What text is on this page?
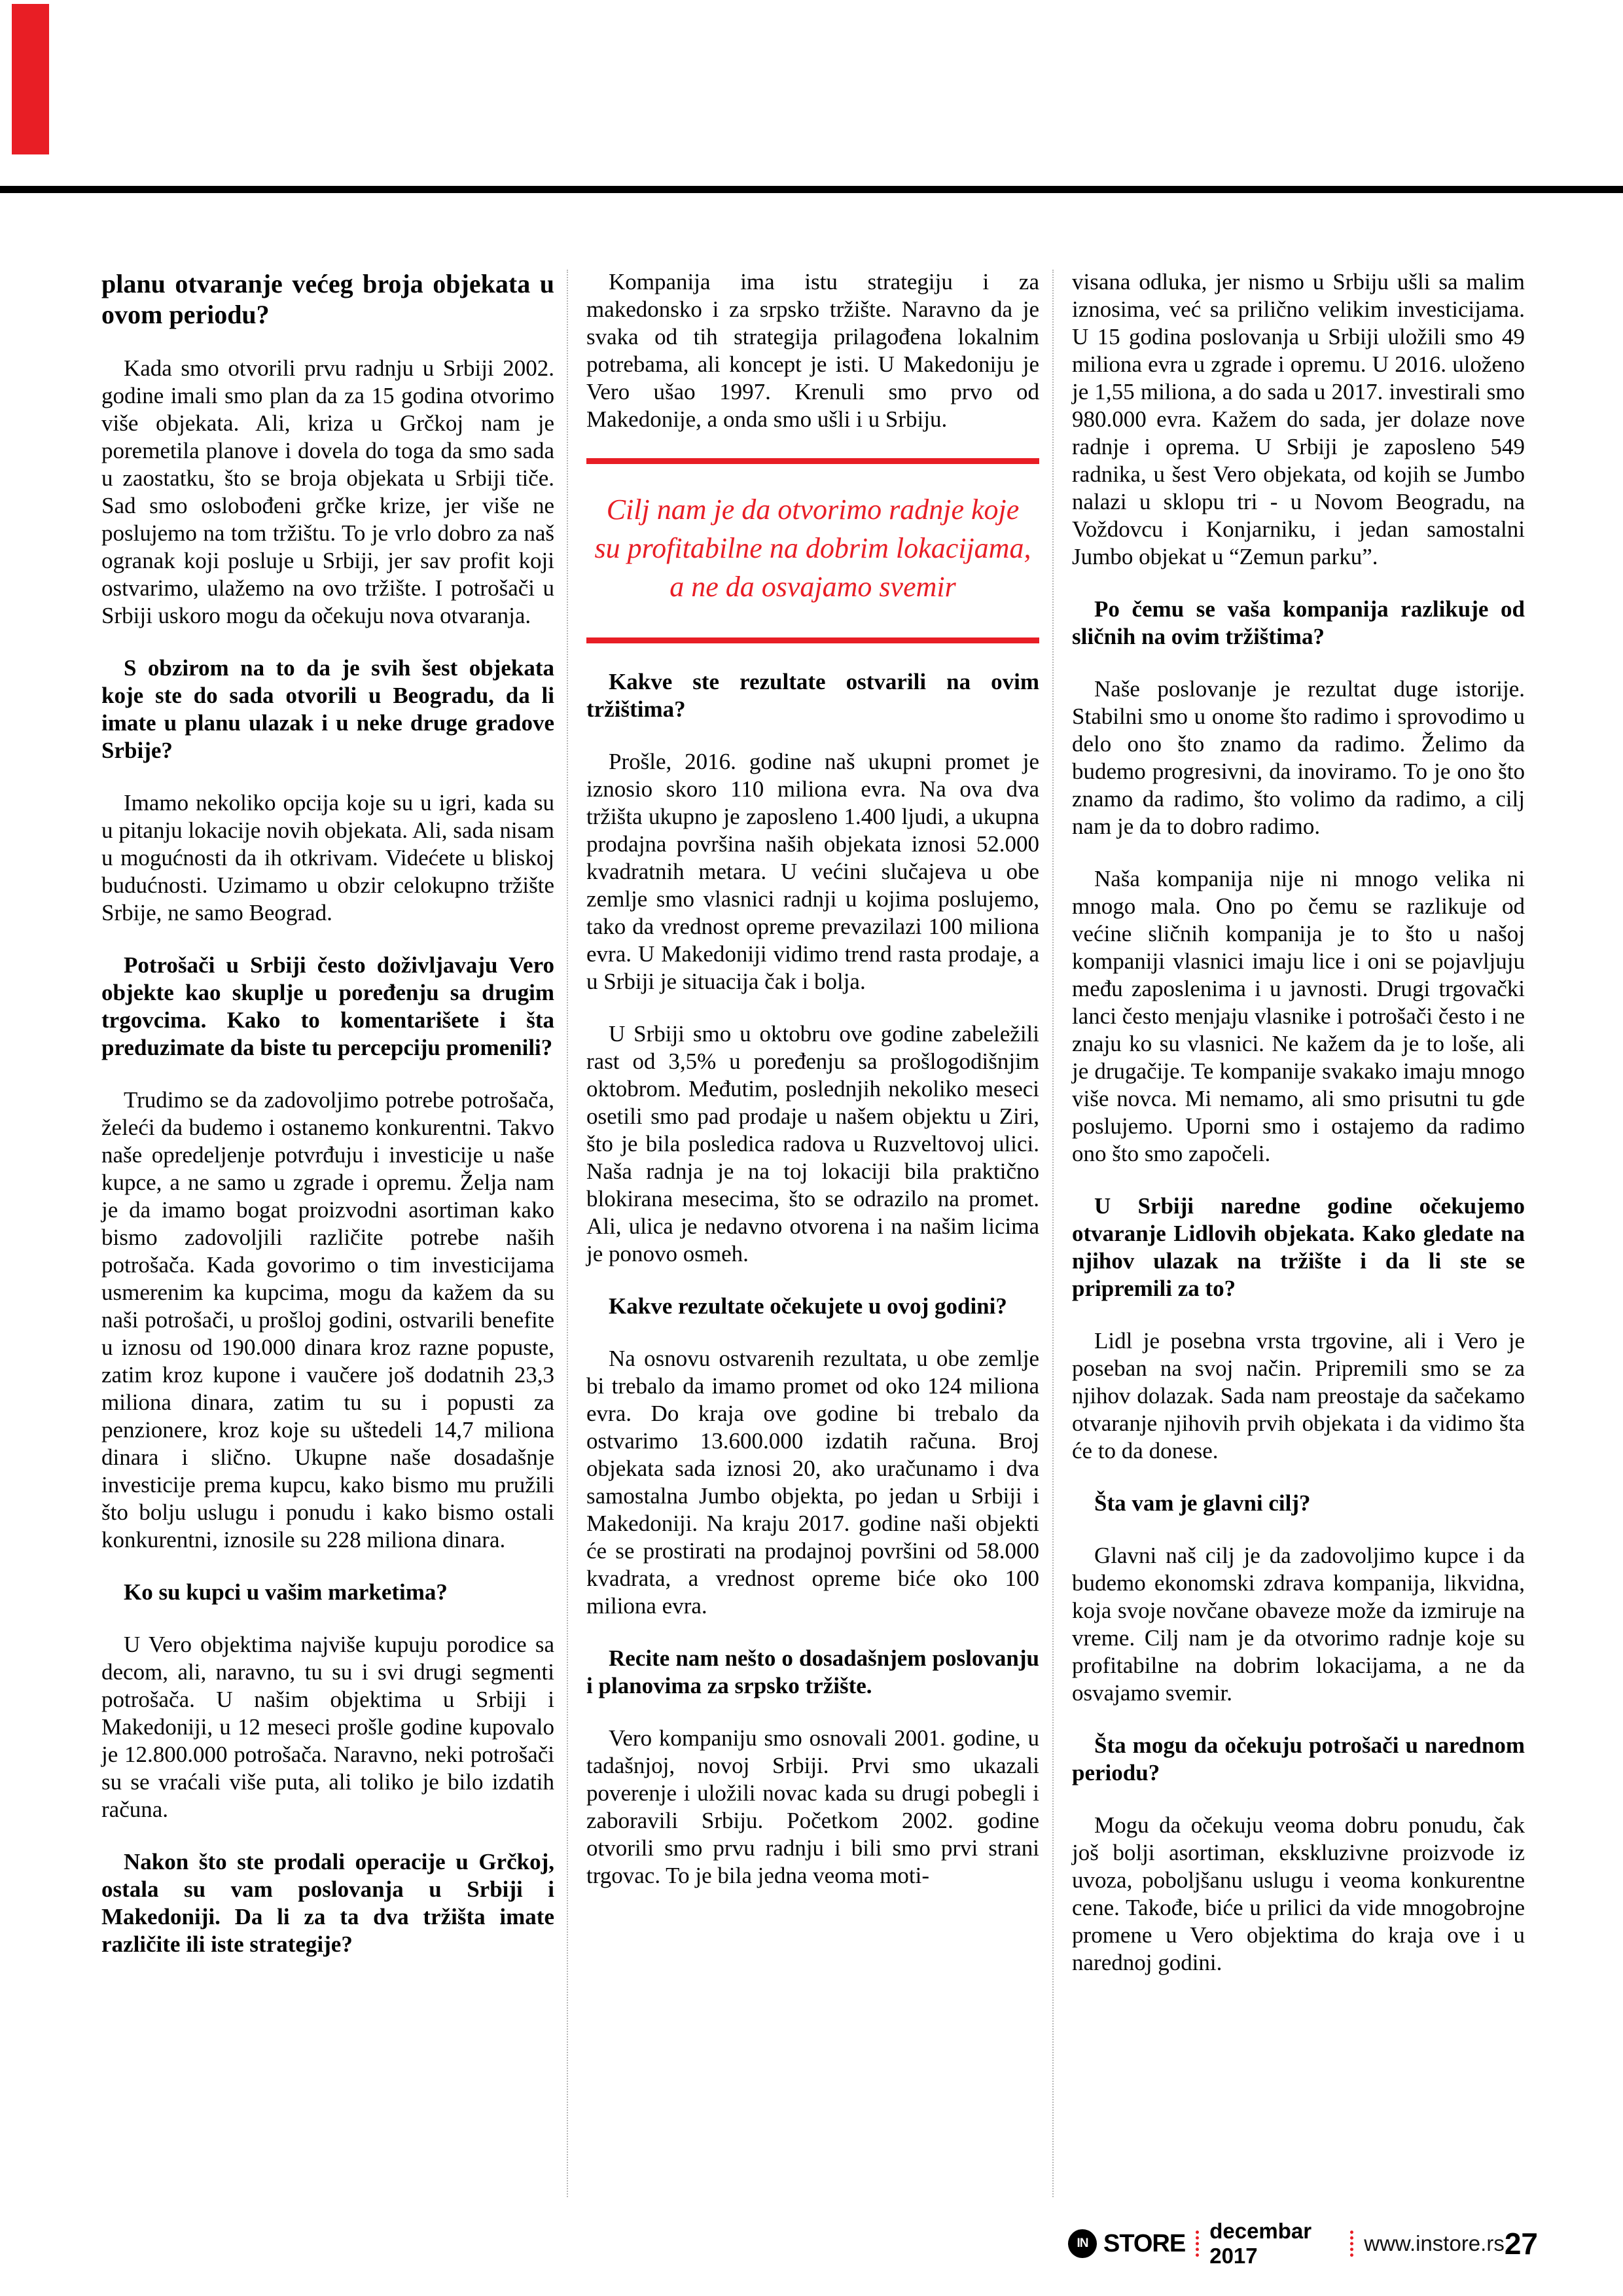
planu otvaranje većeg broja objekata u ovom periodu?

Kada smo otvorili prvu radnju u Srbiji 2002. godine imali smo plan da za 15 godina otvorimo više objekata. Ali, kriza u Grčkoj nam je poremetila planove i dovela do toga da smo sada u zaostatku, što se broja objekata u Srbiji tiče. Sad smo oslobođeni grčke krize, jer više ne poslujemo na tom tržištu. To je vrlo dobro za naš ogranak koji posluje u Srbiji, jer sav profit koji ostvarimo, ulažemo na ovo tržište. I potrošači u Srbiji uskoro mogu da očekuju nova otvaranja.

S obzirom na to da je svih šest objekata koje ste do sada otvorili u Beogradu, da li imate u planu ulazak i u neke druge gradove Srbije?

Imamo nekoliko opcija koje su u igri, kada su u pitanju lokacije novih objekata. Ali, sada nisam u mogućnosti da ih otkrivam. Videćete u bliskoj budućnosti. Uzimamo u obzir celokupno tržište Srbije, ne samo Beograd.

Potrošači u Srbiji često doživljavaju Vero objekte kao skuplje u poređenju sa drugim trgovcima. Kako to komentarišete i šta preduzimate da biste tu percepciju promenili?

Trudimo se da zadovoljimo potrebe potrošača, želeći da budemo i ostanemo konkurentni. Takvo naše opredeljenje potvrđuju i investicije u naše kupce, a ne samo u zgrade i opremu. Želja nam je da imamo bogat proizvodni asortiman kako bismo zadovoljili različite potrebe naših potrošača. Kada govorimo o tim investicijama usmerenim ka kupcima, mogu da kažem da su naši potrošači, u prošloj godini, ostvarili benefite u iznosu od 190.000 dinara kroz razne popuste, zatim kroz kupone i vaučere još dodatnih 23,3 miliona dinara, zatim tu su i popusti za penzionere, kroz koje su uštedeli 14,7 miliona dinara i slično. Ukupne naše dosadašnje investicije prema kupcu, kako bismo mu pružili što bolju uslugu i ponudu i kako bismo ostali konkurentni, iznosile su 228 miliona dinara.

Ko su kupci u vašim marketima?

U Vero objektima najviše kupuju porodice sa decom, ali, naravno, tu su i svi drugi segmenti potrošača. U našim objektima u Srbiji i Makedoniji, u 12 meseci prošle godine kupovalo je 12.800.000 potrošača. Naravno, neki potrošači su se vraćali više puta, ali toliko je bilo izdatih računa.

Nakon što ste prodali operacije u Grčkoj, ostala su vam poslovanja u Srbiji i Makedoniji. Da li za ta dva tržišta imate različite ili iste strategije?

Kompanija ima istu strategiju i za makedonsko i za srpsko tržište. Naravno da je svaka od tih strategija prilagođena lokalnim potrebama, ali koncept je isti. U Makedoniju je Vero ušao 1997. Krenuli smo prvo od Makedonije, a onda smo ušli i u Srbiju.

Cilj nam je da otvorimo radnje koje su profitabilne na dobrim lokacijama, a ne da osvajamo svemir
Kakve ste rezultate ostvarili na ovim tržištima?

Prošle, 2016. godine naš ukupni promet je iznosio skoro 110 miliona evra. Na ova dva tržišta ukupno je zaposleno 1.400 ljudi, a ukupna prodajna površina naših objekata iznosi 52.000 kvadratnih metara. U većini slučajeva u obe zemlje smo vlasnici radnji u kojima poslujemo, tako da vrednost opreme prevazilazi 100 miliona evra. U Makedoniji vidimo trend rasta prodaje, a u Srbiji je situacija čak i bolja.

U Srbiji smo u oktobru ove godine zabeležili rast od 3,5% u poređenju sa prošlogodišnjim oktobrom. Međutim, poslednjih nekoliko meseci osetili smo pad prodaje u našem objektu u Ziri, što je bila posledica radova u Ruzveltovoj ulici. Naša radnja je na toj lokaciji bila praktično blokirana mesecima, što se odrazilo na promet. Ali, ulica je nedavno otvorena i na našim licima je ponovo osmeh.

Kakve rezultate očekujete u ovoj godini?

Na osnovu ostvarenih rezultata, u obe zemlje bi trebalo da imamo promet od oko 124 miliona evra. Do kraja ove godine bi trebalo da ostvarimo 13.600.000 izdatih računa. Broj objekata sada iznosi 20, ako uračunamo i dva samostalna Jumbo objekta, po jedan u Srbiji i Makedoniji. Na kraju 2017. godine naši objekti će se prostirati na prodajnoj površini od 58.000 kvadrata, a vrednost opreme biće oko 100 miliona evra.

Recite nam nešto o dosadašnjem poslovanju i planovima za srpsko tržište.

Vero kompaniju smo osnovali 2001. godine, u tadašnjoj, novoj Srbiji. Prvi smo ukazali poverenje i uložili novac kada su drugi pobegli i zaboravili Srbiju. Početkom 2002. godine otvorili smo prvu radnju i bili smo prvi strani trgovac. To je bila jedna veoma moti-

visana odluka, jer nismo u Srbiju ušli sa malim iznosima, već sa prilično velikim investicijama. U 15 godina poslovanja u Srbiji uložili smo 49 miliona evra u zgrade i opremu. U 2016. uloženo je 1,55 miliona, a do sada u 2017. investirali smo 980.000 evra. Kažem do sada, jer dolaze nove radnje i oprema. U Srbiji je zaposleno 549 radnika, u šest Vero objekata, od kojih se Jumbo nalazi u sklopu tri - u Novom Beogradu, na Voždovcu i Konjarniku, i jedan samostalni Jumbo objekat u “Zemun parku”.

Po čemu se vaša kompanija razlikuje od sličnih na ovim tržištima?

Naše poslovanje je rezultat duge istorije. Stabilni smo u onome što radimo i sprovodimo u delo ono što znamo da radimo. Želimo da budemo progresivni, da inoviramo. To je ono što znamo da radimo, što volimo da radimo, a cilj nam je da to dobro radimo.

Naša kompanija nije ni mnogo velika ni mnogo mala. Ono po čemu se razlikuje od većine sličnih kompanija je to što u našoj kompaniji vlasnici imaju lice i oni se pojavljuju među zaposlenima i u javnosti. Drugi trgovački lanci često menjaju vlasnike i potrošači često i ne znaju ko su vlasnici. Ne kažem da je to loše, ali je drugačije. Te kompanije svakako imaju mnogo više novca. Mi nemamo, ali smo prisutni tu gde poslujemo. Uporni smo i ostajemo da radimo ono što smo započeli.

U Srbiji naredne godine očekujemo otvaranje Lidlovih objekata. Kako gledate na njihov ulazak na tržište i da li ste se pripremili za to?

Lidl je posebna vrsta trgovine, ali i Vero je poseban na svoj način. Pripremili smo se za njihov dolazak. Sada nam preostaje da sačekamo otvaranje njihovih prvih objekata i da vidimo šta će to da donese.

Šta vam je glavni cilj?

Glavni naš cilj je da zadovoljimo kupce i da budemo ekonomski zdrava kompanija, likvidna, koja svoje novčane obaveze može da izmiruje na vreme. Cilj nam je da otvorimo radnje koje su profitabilne na dobrim lokacijama, a ne da osvajamo svemir.

Šta mogu da očekuju potrošači u narednom periodu?

Mogu da očekuju veoma dobru ponudu, čak još bolji asortiman, ekskluzivne proizvode iz uvoza, poboljšanu uslugu i veoma konkurentne cene. Takođe, biće u prilici da vide mnogobrojne promene u Vero objektima do kraja ove i u narednoj godini.

IN STORE decembar 2017
www.instore.rs 27
